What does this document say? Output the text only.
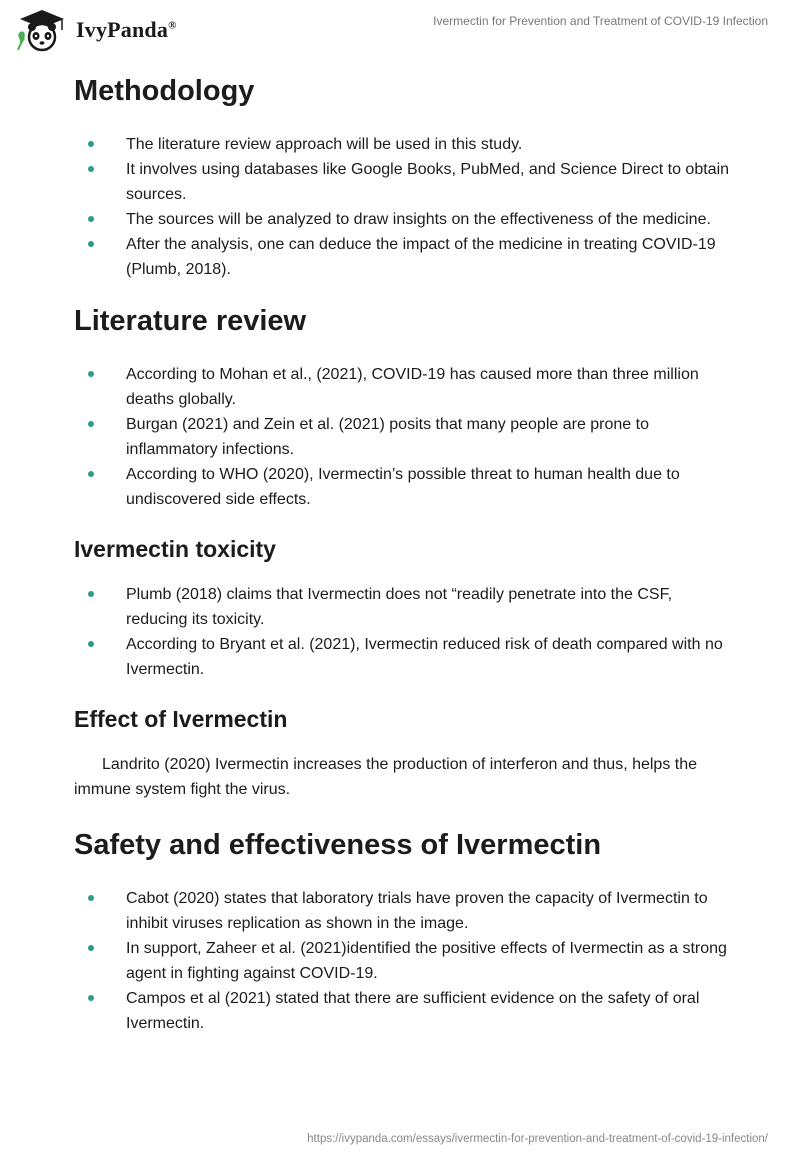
IvyPanda®	Ivermectin for Prevention and Treatment of COVID-19 Infection
Methodology
The literature review approach will be used in this study.
It involves using databases like Google Books, PubMed, and Science Direct to obtain sources.
The sources will be analyzed to draw insights on the effectiveness of the medicine.
After the analysis, one can deduce the impact of the medicine in treating COVID-19 (Plumb, 2018).
Literature review
According to Mohan et al., (2021), COVID-19 has caused more than three million deaths globally.
Burgan (2021) and Zein et al. (2021) posits that many people are prone to inflammatory infections.
According to WHO (2020), Ivermectin’s possible threat to human health due to undiscovered side effects.
Ivermectin toxicity
Plumb (2018) claims that Ivermectin does not “readily penetrate into the CSF, reducing its toxicity.
According to Bryant et al. (2021), Ivermectin reduced risk of death compared with no Ivermectin.
Effect of Ivermectin

Landrito (2020) Ivermectin increases the production of interferon and thus, helps the immune system fight the virus.

Safety and effectiveness of Ivermectin
Cabot (2020) states that laboratory trials have proven the capacity of Ivermectin to inhibit viruses replication as shown in the image.
In support, Zaheer et al. (2021)identified the positive effects of Ivermectin as a strong agent in fighting against COVID-19.
Campos et al (2021) stated that there are sufficient evidence on the safety of oral Ivermectin.
https://ivypanda.com/essays/ivermectin-for-prevention-and-treatment-of-covid-19-infection/
